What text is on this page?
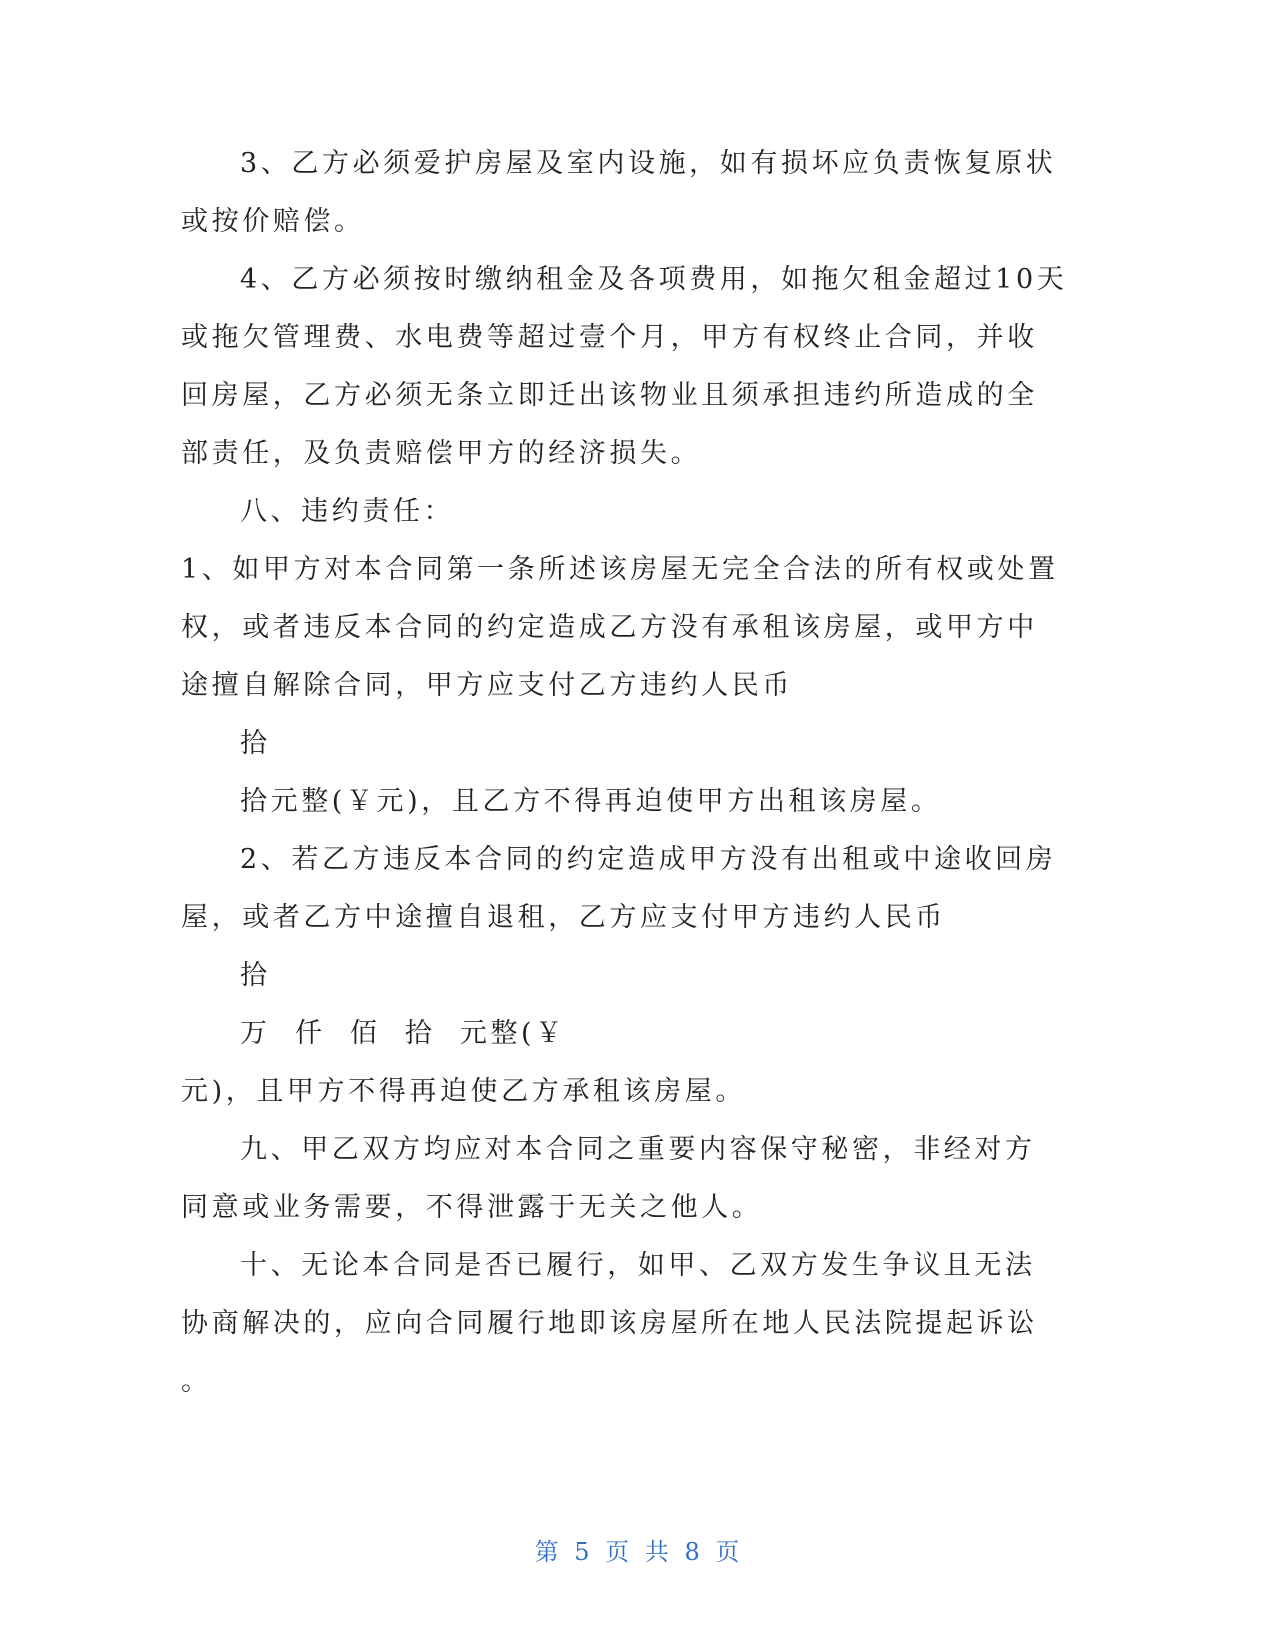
3、乙方必须爱护房屋及室内设施，如有损坏应负责恢复原状
或按价赔偿。
4、乙方必须按时缴纳租金及各项费用，如拖欠租金超过10天
或拖欠管理费、水电费等超过壹个月，甲方有权终止合同，并收
回房屋，乙方必须无条立即迁出该物业且须承担违约所造成的全
部责任，及负责赔偿甲方的经济损失。
八、违约责任：
1、如甲方对本合同第一条所述该房屋无完全合法的所有权或处置
权，或者违反本合同的约定造成乙方没有承租该房屋，或甲方中
途擅自解除合同，甲方应支付乙方违约人民币
拾
拾元整(￥元)，且乙方不得再迫使甲方出租该房屋。
2、若乙方违反本合同的约定造成甲方没有出租或中途收回房
屋，或者乙方中途擅自退租，乙方应支付甲方违约人民币
拾
万  仟  佰  拾  元整(￥
元)，且甲方不得再迫使乙方承租该房屋。
九、甲乙双方均应对本合同之重要内容保守秘密，非经对方
同意或业务需要，不得泄露于无关之他人。
十、无论本合同是否已履行，如甲、乙双方发生争议且无法
协商解决的，应向合同履行地即该房屋所在地人民法院提起诉讼
。
第 5 页 共 8 页
